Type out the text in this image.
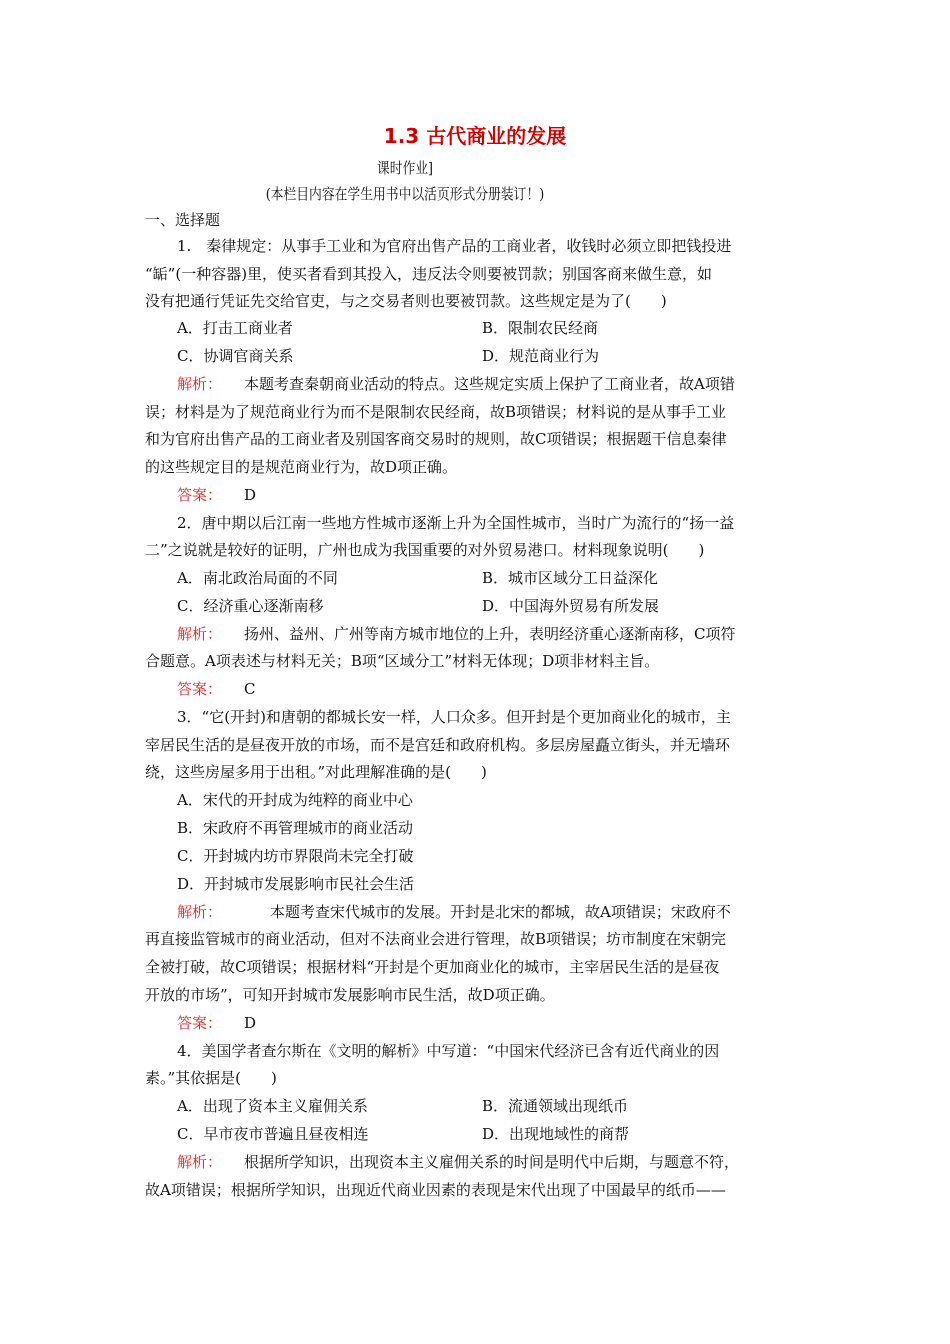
1.3 古代商业的发展
课时作业]
(本栏目内容在学生用书中以活页形式分册装订！)
一、选择题
1.　秦律规定：从事手工业和为官府出售产品的工商业者，收钱时必须立即把钱投进
“缿”(一种容器)里，使买者看到其投入，违反法令则要被罚款；别国客商来做生意，如
没有把通行凭证先交给官吏，与之交易者则也要被罚款。这些规定是为了(　　)
A．打击工商业者	B．限制农民经商
C．协调官商关系	D．规范商业行为
解析： 本题考查秦朝商业活动的特点。这些规定实质上保护了工商业者，故A项错
误；材料是为了规范商业行为而不是限制农民经商，故B项错误；材料说的是从事手工业
和为官府出售产品的工商业者及别国客商交易时的规则，故C项错误；根据题干信息秦律
的这些规定目的是规范商业行为，故D项正确。
答案： D
2．唐中期以后江南一些地方性城市逐渐上升为全国性城市，当时广为流行的“扬一益
二”之说就是较好的证明，广州也成为我国重要的对外贸易港口。材料现象说明(　　)
A．南北政治局面的不同	B．城市区域分工日益深化
C．经济重心逐渐南移	D．中国海外贸易有所发展
解析： 扬州、益州、广州等南方城市地位的上升，表明经济重心逐渐南移，C项符
合题意。A项表述与材料无关；B项“区域分工”材料无体现；D项非材料主旨。
答案： C
3．“它(开封)和唐朝的都城长安一样，人口众多。但开封是个更加商业化的城市，主
宰居民生活的是昼夜开放的市场，而不是宫廷和政府机构。多层房屋矗立街头，并无墙环
绕，这些房屋多用于出租。”对此理解准确的是(　　)
A．宋代的开封成为纯粹的商业中心
B．宋政府不再管理城市的商业活动
C．开封城内坊市界限尚未完全打破
D．开封城市发展影响市民社会生活
解析：	本题考查宋代城市的发展。开封是北宋的都城，故A项错误；宋政府不
再直接监管城市的商业活动，但对不法商业会进行管理，故B项错误；坊市制度在宋朝完
全被打破，故C项错误；根据材料“开封是个更加商业化的城市，主宰居民生活的是昼夜
开放的市场”，可知开封城市发展影响市民生活，故D项正确。
答案： D
4．美国学者查尔斯在《文明的解析》中写道：“中国宋代经济已含有近代商业的因
素。”其依据是(　　)
A．出现了资本主义雇佣关系	B．流通领域出现纸币
C．早市夜市普遍且昼夜相连	D．出现地域性的商帮
解析： 根据所学知识，出现资本主义雇佣关系的时间是明代中后期，与题意不符，
故A项错误；根据所学知识，出现近代商业因素的表现是宋代出现了中国最早的纸币——
